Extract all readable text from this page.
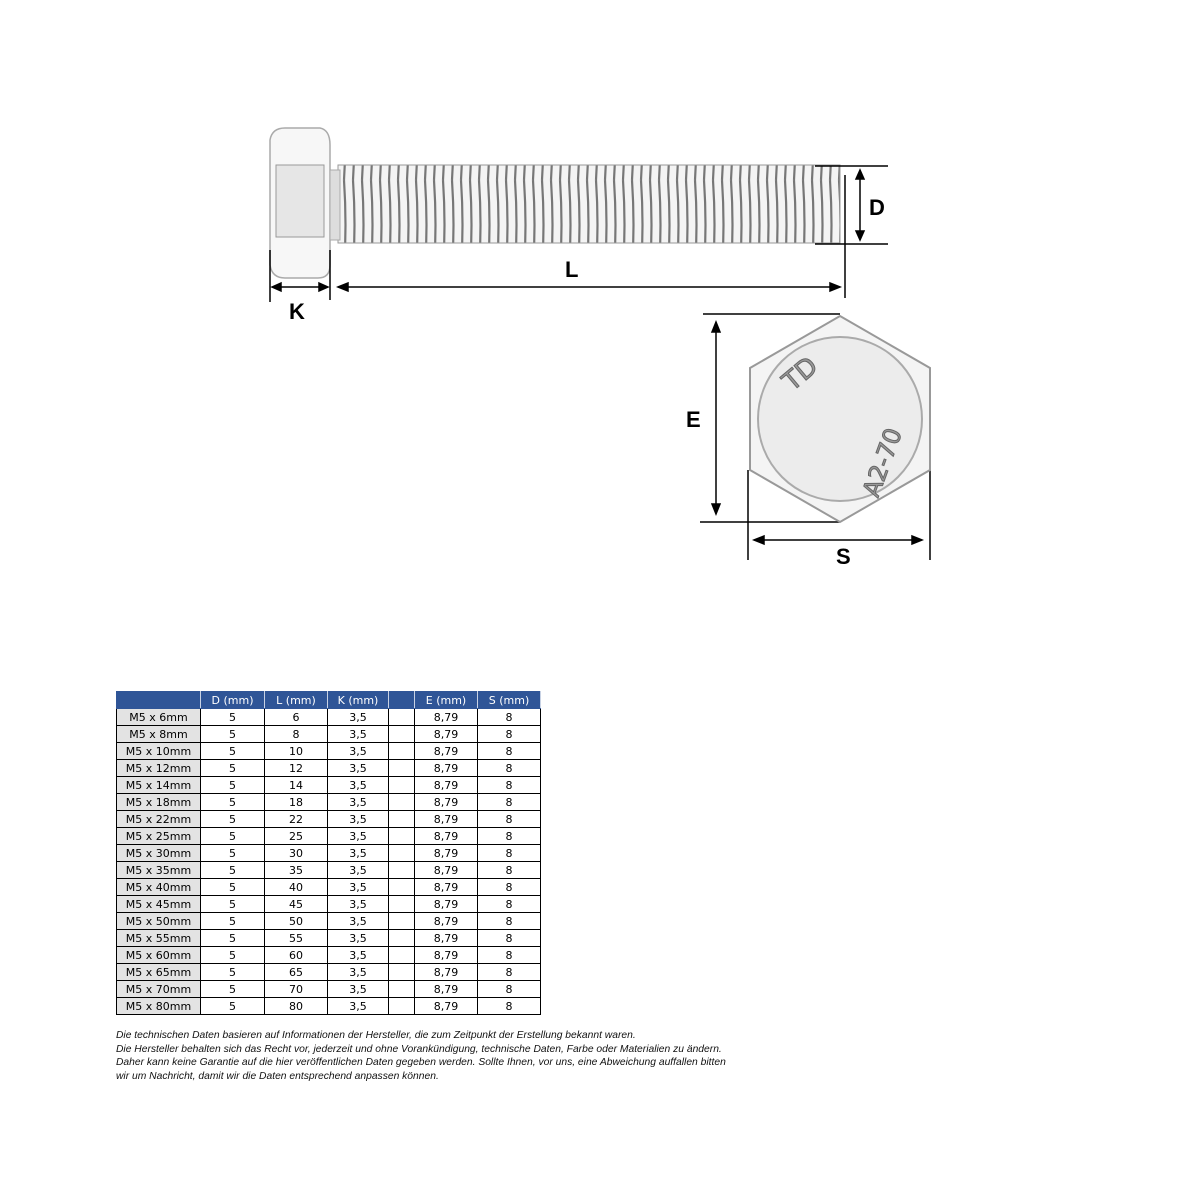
TD
A2-70
D
L
K
E
S
	D (mm)	L (mm)	K (mm)		E (mm)	S (mm)
M5 x 6mm	5	6	3,5		8,79	8
M5 x 8mm	5	8	3,5		8,79	8
M5 x 10mm	5	10	3,5		8,79	8
M5 x 12mm	5	12	3,5		8,79	8
M5 x 14mm	5	14	3,5		8,79	8
M5 x 18mm	5	18	3,5		8,79	8
M5 x 22mm	5	22	3,5		8,79	8
M5 x 25mm	5	25	3,5		8,79	8
M5 x 30mm	5	30	3,5		8,79	8
M5 x 35mm	5	35	3,5		8,79	8
M5 x 40mm	5	40	3,5		8,79	8
M5 x 45mm	5	45	3,5		8,79	8
M5 x 50mm	5	50	3,5		8,79	8
M5 x 55mm	5	55	3,5		8,79	8
M5 x 60mm	5	60	3,5		8,79	8
M5 x 65mm	5	65	3,5		8,79	8
M5 x 70mm	5	70	3,5		8,79	8
M5 x 80mm	5	80	3,5		8,79	8
Die technischen Daten basieren auf Informationen der Hersteller, die zum Zeitpunkt der Erstellung bekannt waren.
Die Hersteller behalten sich das Recht vor, jederzeit und ohne Vorankündigung, technische Daten, Farbe oder Materialien zu ändern.
Daher kann keine Garantie auf die hier veröffentlichen Daten gegeben werden. Sollte Ihnen, vor uns, eine Abweichung auffallen bitten
wir um Nachricht, damit wir die Daten entsprechend anpassen können.
